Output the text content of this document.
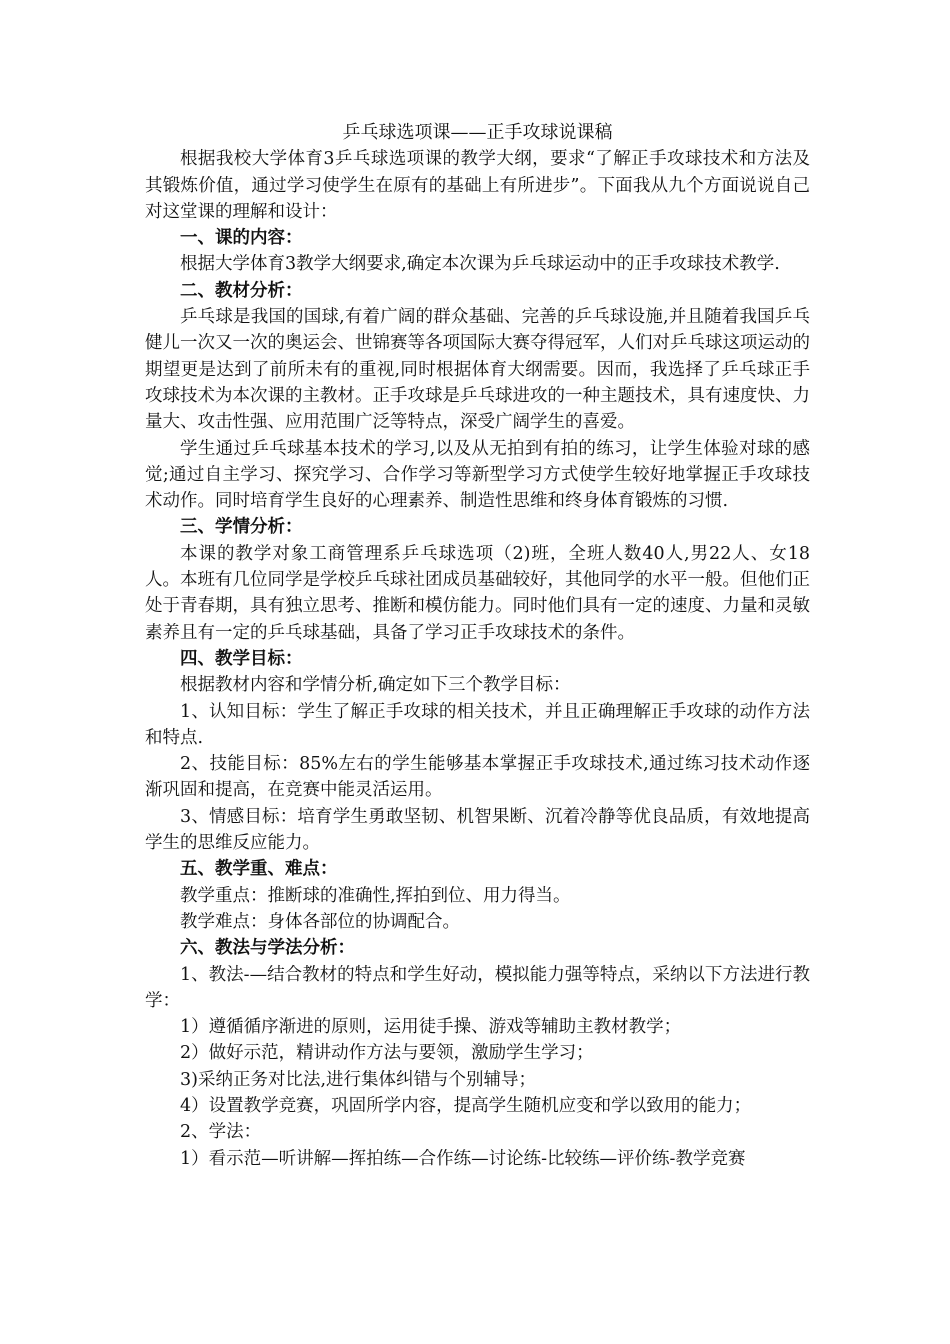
乒乓球选项课——正手攻球说课稿

根据我校大学体育3乒乓球选项课的教学大纲，要求“了解正手攻球技术和方法及其锻炼价值，通过学习使学生在原有的基础上有所进步”。下面我从九个方面说说自己对这堂课的理解和设计：

一、课的内容：

根据大学体育3教学大纲要求,确定本次课为乒乓球运动中的正手攻球技术教学.

二、教材分析：

乒乓球是我国的国球,有着广阔的群众基础、完善的乒乓球设施,并且随着我国乒乓健儿一次又一次的奥运会、世锦赛等各项国际大赛夺得冠军，人们对乒乓球这项运动的期望更是达到了前所未有的重视,同时根据体育大纲需要。因而，我选择了乒乓球正手攻球技术为本次课的主教材。正手攻球是乒乓球进攻的一种主题技术，具有速度快、力量大、攻击性强、应用范围广泛等特点，深受广阔学生的喜爱。

学生通过乒乓球基本技术的学习,以及从无拍到有拍的练习，让学生体验对球的感觉;通过自主学习、探究学习、合作学习等新型学习方式使学生较好地掌握正手攻球技术动作。同时培育学生良好的心理素养、制造性思维和终身体育锻炼的习惯.

三、学情分析：

本课的教学对象工商管理系乒乓球选项（2)班，全班人数40人,男22人、女18人。本班有几位同学是学校乒乓球社团成员基础较好，其他同学的水平一般。但他们正处于青春期，具有独立思考、推断和模仿能力。同时他们具有一定的速度、力量和灵敏素养且有一定的乒乓球基础，具备了学习正手攻球技术的条件。

四、教学目标：

根据教材内容和学情分析,确定如下三个教学目标：

1、认知目标：学生了解正手攻球的相关技术，并且正确理解正手攻球的动作方法和特点.

2、技能目标：85%左右的学生能够基本掌握正手攻球技术,通过练习技术动作逐渐巩固和提高，在竞赛中能灵活运用。

3、情感目标：培育学生勇敢坚韧、机智果断、沉着冷静等优良品质，有效地提高学生的思维反应能力。

五、教学重、难点：

教学重点：推断球的准确性,挥拍到位、用力得当。

教学难点：身体各部位的协调配合。

六、教法与学法分析：

1、教法-—结合教材的特点和学生好动，模拟能力强等特点，采纳以下方法进行教学：

1）遵循循序渐进的原则，运用徒手操、游戏等辅助主教材教学；

2）做好示范，精讲动作方法与要领，激励学生学习；

3)采纳正务对比法,进行集体纠错与个别辅导；

4）设置教学竞赛，巩固所学内容，提高学生随机应变和学以致用的能力；

2、学法：

1）看示范—听讲解—挥拍练—合作练—讨论练-比较练—评价练-教学竞赛
